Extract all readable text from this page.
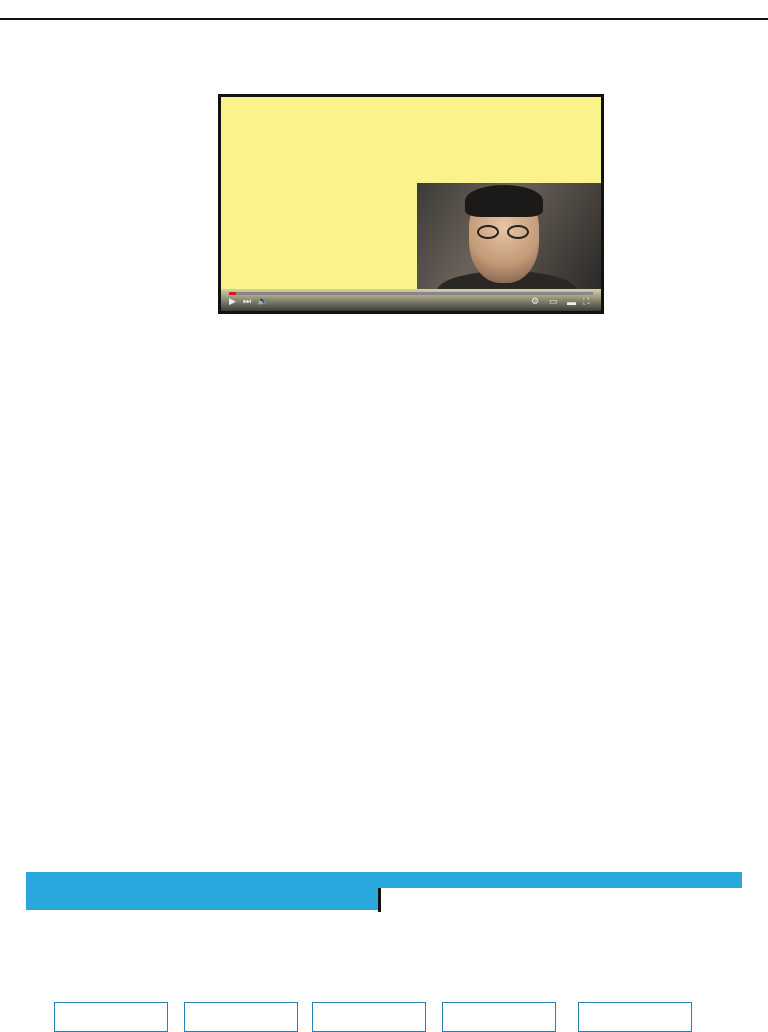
▶ ⏭ 🔈	⚙ ▭ ▬ ⛶
